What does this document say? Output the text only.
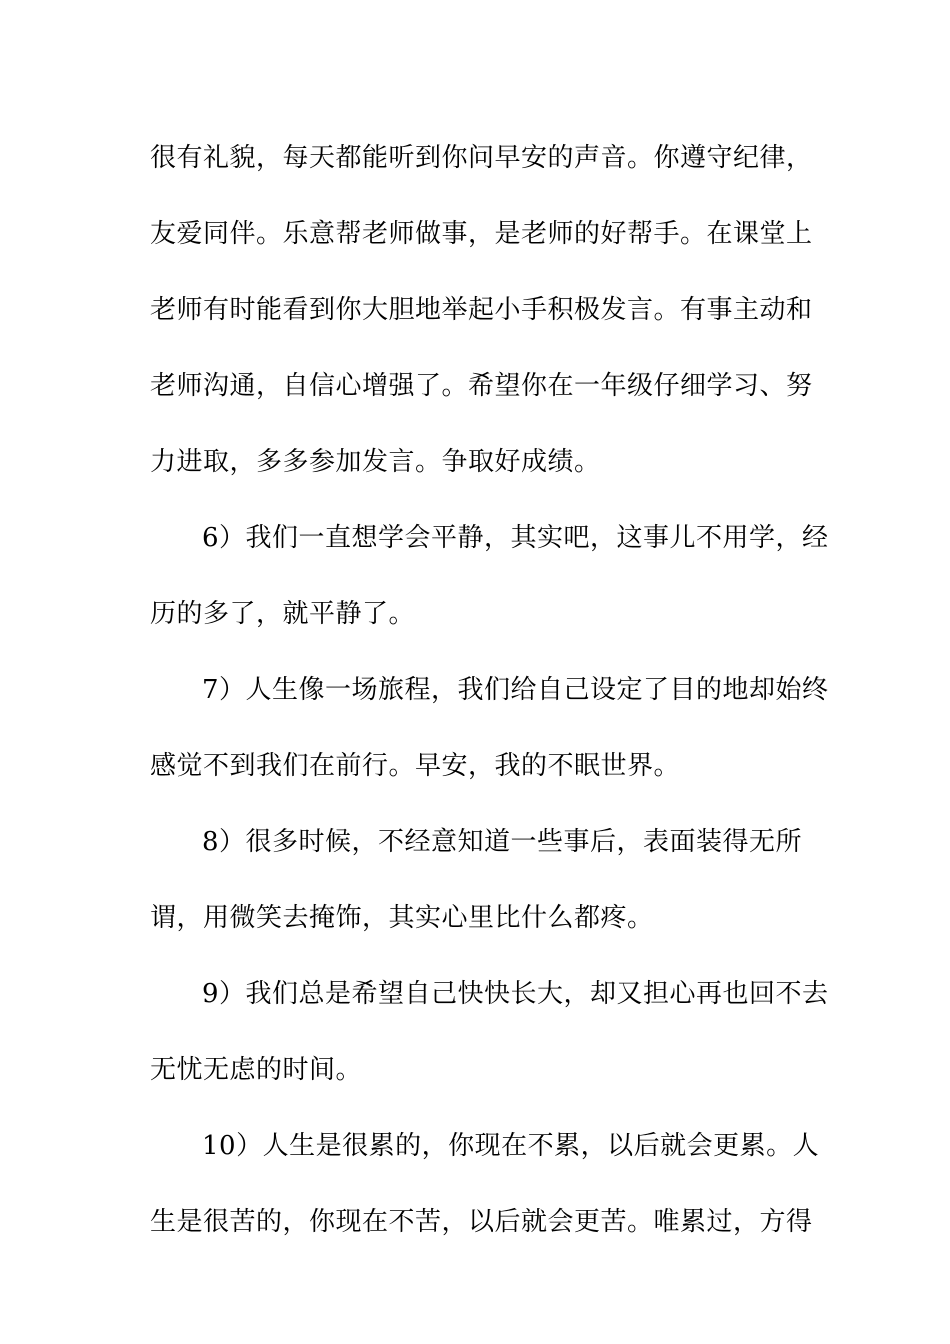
很有礼貌，每天都能听到你问早安的声音。你遵守纪律，
友爱同伴。乐意帮老师做事，是老师的好帮手。在课堂上
老师有时能看到你大胆地举起小手积极发言。有事主动和
老师沟通，自信心增强了。希望你在一年级仔细学习、努
力进取，多多参加发言。争取好成绩。

6）我们一直想学会平静，其实吧，这事儿不用学，经
历的多了，就平静了。

7）人生像一场旅程，我们给自己设定了目的地却始终
感觉不到我们在前行。早安，我的不眠世界。

8）很多时候，不经意知道一些事后，表面装得无所
谓，用微笑去掩饰，其实心里比什么都疼。

9）我们总是希望自己快快长大，却又担心再也回不去
无忧无虑的时间。

10）人生是很累的，你现在不累，以后就会更累。人
生是很苦的，你现在不苦，以后就会更苦。唯累过，方得
